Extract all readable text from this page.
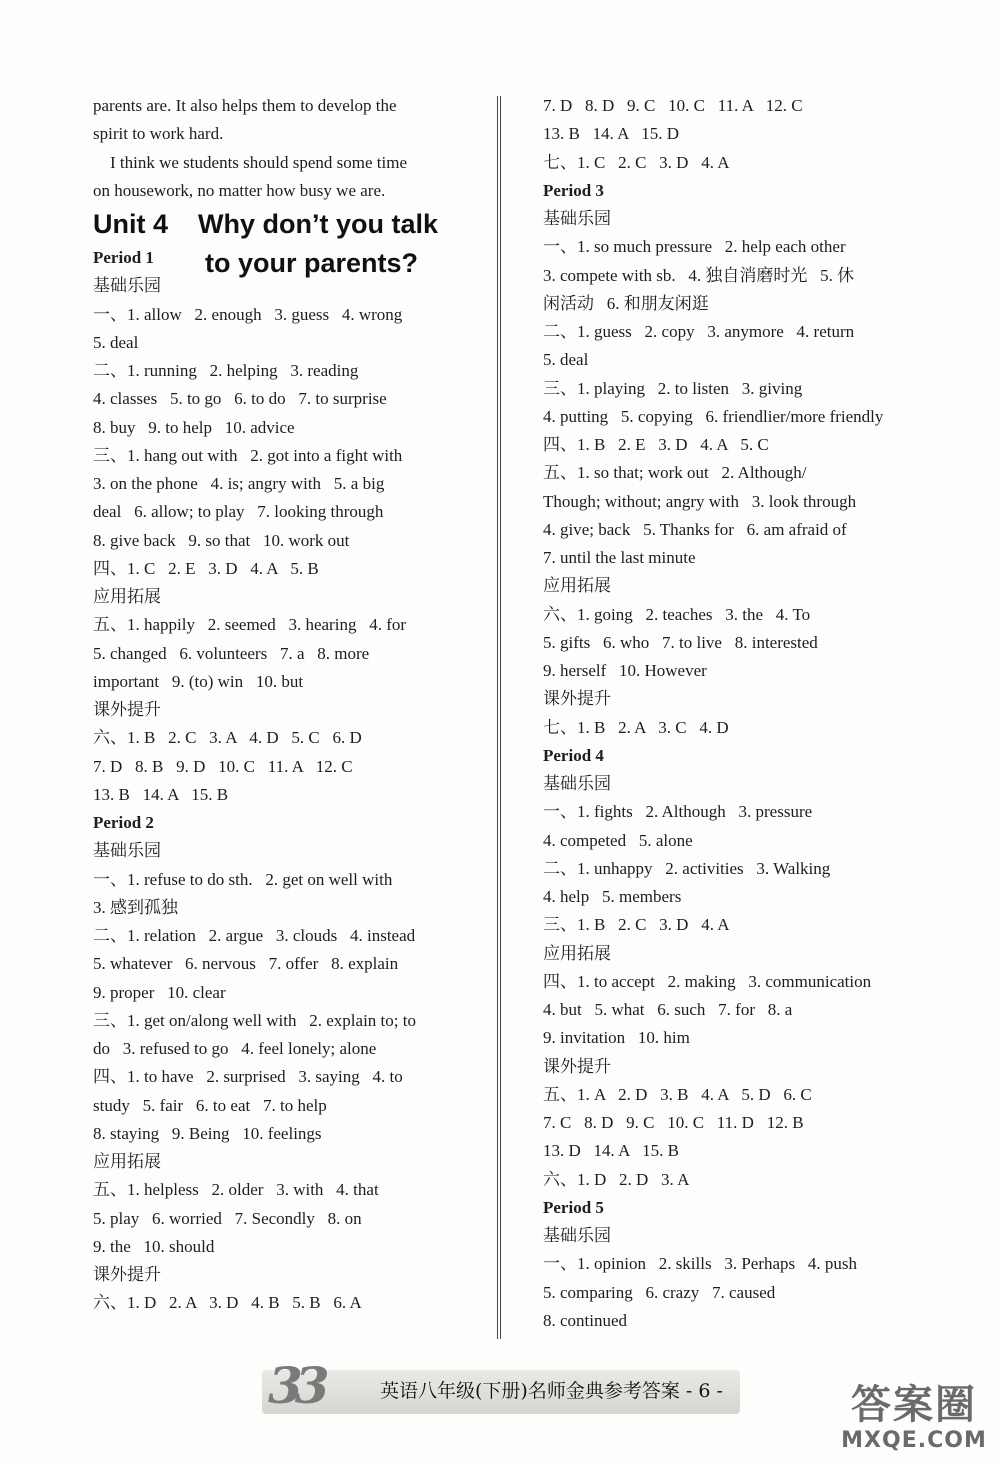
parents are. It also helps them to develop the
spirit to work hard.
I think we students should spend some time
on housework, no matter how busy we are.
Unit 4    Why don’t you talk
to your parents?
Period 1
基础乐园
一、1. allow   2. enough   3. guess   4. wrong
5. deal
二、1. running   2. helping   3. reading
4. classes   5. to go   6. to do   7. to surprise
8. buy   9. to help   10. advice
三、1. hang out with   2. got into a fight with
3. on the phone   4. is; angry with   5. a big
deal   6. allow; to play   7. looking through
8. give back   9. so that   10. work out
四、1. C   2. E   3. D   4. A   5. B
应用拓展
五、1. happily   2. seemed   3. hearing   4. for
5. changed   6. volunteers   7. a   8. more
important   9. (to) win   10. but
课外提升
六、1. B   2. C   3. A   4. D   5. C   6. D
7. D   8. B   9. D   10. C   11. A   12. C
13. B   14. A   15. B
Period 2
基础乐园
一、1. refuse to do sth.   2. get on well with
3. 感到孤独
二、1. relation   2. argue   3. clouds   4. instead
5. whatever   6. nervous   7. offer   8. explain
9. proper   10. clear
三、1. get on/along well with   2. explain to; to
do   3. refused to go   4. feel lonely; alone
四、1. to have   2. surprised   3. saying   4. to
study   5. fair   6. to eat   7. to help
8. staying   9. Being   10. feelings
应用拓展
五、1. helpless   2. older   3. with   4. that
5. play   6. worried   7. Secondly   8. on
9. the   10. should
课外提升
六、1. D   2. A   3. D   4. B   5. B   6. A
7. D   8. D   9. C   10. C   11. A   12. C
13. B   14. A   15. D
七、1. C   2. C   3. D   4. A
Period 3
基础乐园
一、1. so much pressure   2. help each other
3. compete with sb.   4. 独自消磨时光   5. 休
闲活动   6. 和朋友闲逛
二、1. guess   2. copy   3. anymore   4. return
5. deal
三、1. playing   2. to listen   3. giving
4. putting   5. copying   6. friendlier/more friendly
四、1. B   2. E   3. D   4. A   5. C
五、1. so that; work out   2. Although/
Though; without; angry with   3. look through
4. give; back   5. Thanks for   6. am afraid of
7. until the last minute
应用拓展
六、1. going   2. teaches   3. the   4. To
5. gifts   6. who   7. to live   8. interested
9. herself   10. However
课外提升
七、1. B   2. A   3. C   4. D
Period 4
基础乐园
一、1. fights   2. Although   3. pressure
4. competed   5. alone
二、1. unhappy   2. activities   3. Walking
4. help   5. members
三、1. B   2. C   3. D   4. A
应用拓展
四、1. to accept   2. making   3. communication
4. but   5. what   6. such   7. for   8. a
9. invitation   10. him
课外提升
五、1. A   2. D   3. B   4. A   5. D   6. C
7. C   8. D   9. C   10. C   11. D   12. B
13. D   14. A   15. B
六、1. D   2. D   3. A
Period 5
基础乐园
一、1. opinion   2. skills   3. Perhaps   4. push
5. comparing   6. crazy   7. caused
8. continued
33	英语八年级(下册)名师金典参考答案 - 6 -	答案圈
MXQE.COM
